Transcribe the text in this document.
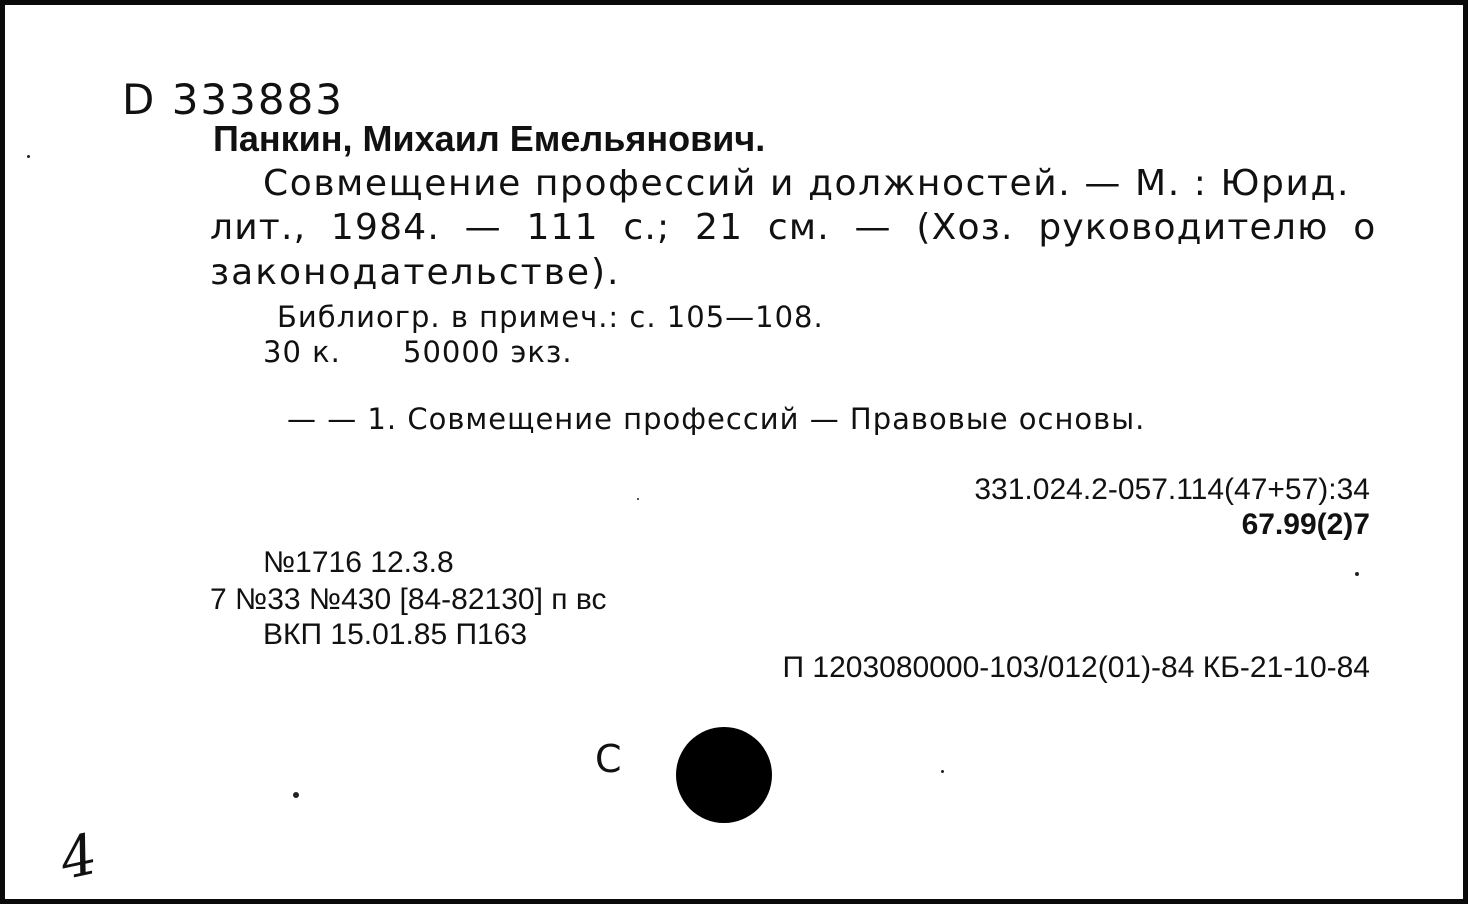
D 333883
Панкин, Михаил Емельянович.
Совмещение профессий и должностей. — М. : Юрид.
лит., 1984. — 111 с.; 21 см. — (Хоз. руководителю о
законодательстве).
Библиогр. в примеч.: с. 105—108.
30 к. 50000 экз.
— — 1. Совмещение профессий — Правовые основы.
331.024.2-057.114(47+57):34
67.99(2)7
№1716 12.3.8
7 №33 №430 [84-82130] п вс
ВКП 15.01.85 П163
П 1203080000-103/012(01)-84 КБ-21-10-84
С
4
